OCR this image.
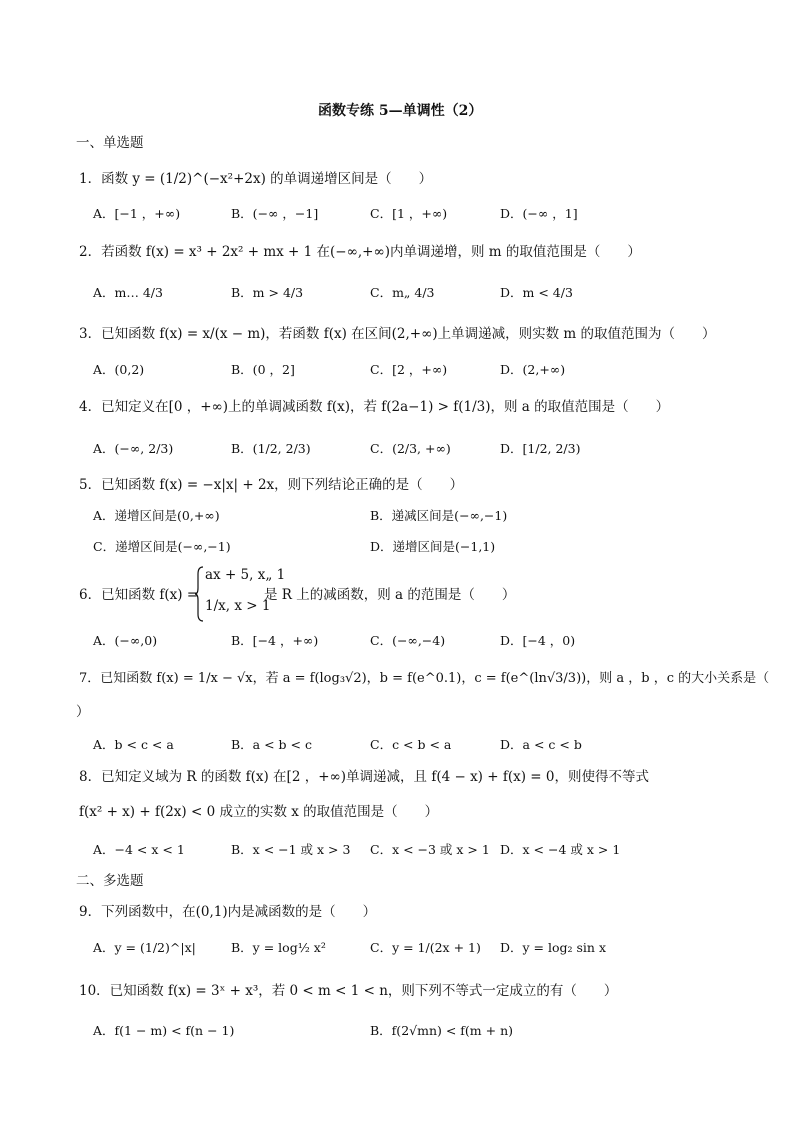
函数专练 5—单调性（2）
一、单选题
1．函数 y = (1/2)^(−x²+2x) 的单调递增区间是（　　）
A．[−1 ，+∞)	B．(−∞ ，−1]	C．[1 ，+∞)	D．(−∞ ，1]
2．若函数 f(x) = x³ + 2x² + mx + 1 在(−∞,+∞)内单调递增，则 m 的取值范围是（　　）
A．m… 4/3	B．m > 4/3	C．m„ 4/3	D．m < 4/3
3．已知函数 f(x) = x/(x − m)，若函数 f(x) 在区间(2,+∞)上单调递减，则实数 m 的取值范围为（　　）
A．(0,2)	B．(0 ，2]	C．[2 ，+∞)	D．(2,+∞)
4．已知定义在[0 ，+∞)上的单调减函数 f(x)，若 f(2a−1) > f(1/3)，则 a 的取值范围是（　　）
A．(−∞, 2/3)	B．(1/2, 2/3)	C．(2/3, +∞)	D．[1/2, 2/3)
5．已知函数 f(x) = −x|x| + 2x，则下列结论正确的是（　　）
A．递增区间是(0,+∞)	B．递减区间是(−∞,−1)
C．递增区间是(−∞,−1)	D．递增区间是(−1,1)
6．已知函数 f(x) =
ax + 5, x„ 1
1/x, x > 1
是 R 上的减函数，则 a 的范围是（　　）
A．(−∞,0)	B．[−4 ，+∞)	C．(−∞,−4)	D．[−4 ，0)
7．已知函数 f(x) = 1/x − √x，若 a = f(log₃√2)，b = f(e^0.1)，c = f(e^(ln√3/3))，则 a ，b ，c 的大小关系是（
）
A．b < c < a	B．a < b < c	C．c < b < a	D．a < c < b
8．已知定义域为 R 的函数 f(x) 在[2 ，+∞)单调递减，且 f(4 − x) + f(x) = 0，则使得不等式
f(x² + x) + f(2x) < 0 成立的实数 x 的取值范围是（　　）
A．−4 < x < 1	B．x < −1 或 x > 3 C．x < −3 或 x > 1 D．x < −4 或 x > 1
二、多选题
9．下列函数中，在(0,1)内是减函数的是（　　）
A．y = (1/2)^|x|	B．y = log½ x²	C．y = 1/(2x + 1) D．y = log₂ sin x
10．已知函数 f(x) = 3ˣ + x³，若 0 < m < 1 < n，则下列不等式一定成立的有（　　）
A．f(1 − m) < f(n − 1)	B．f(2√mn) < f(m + n)
